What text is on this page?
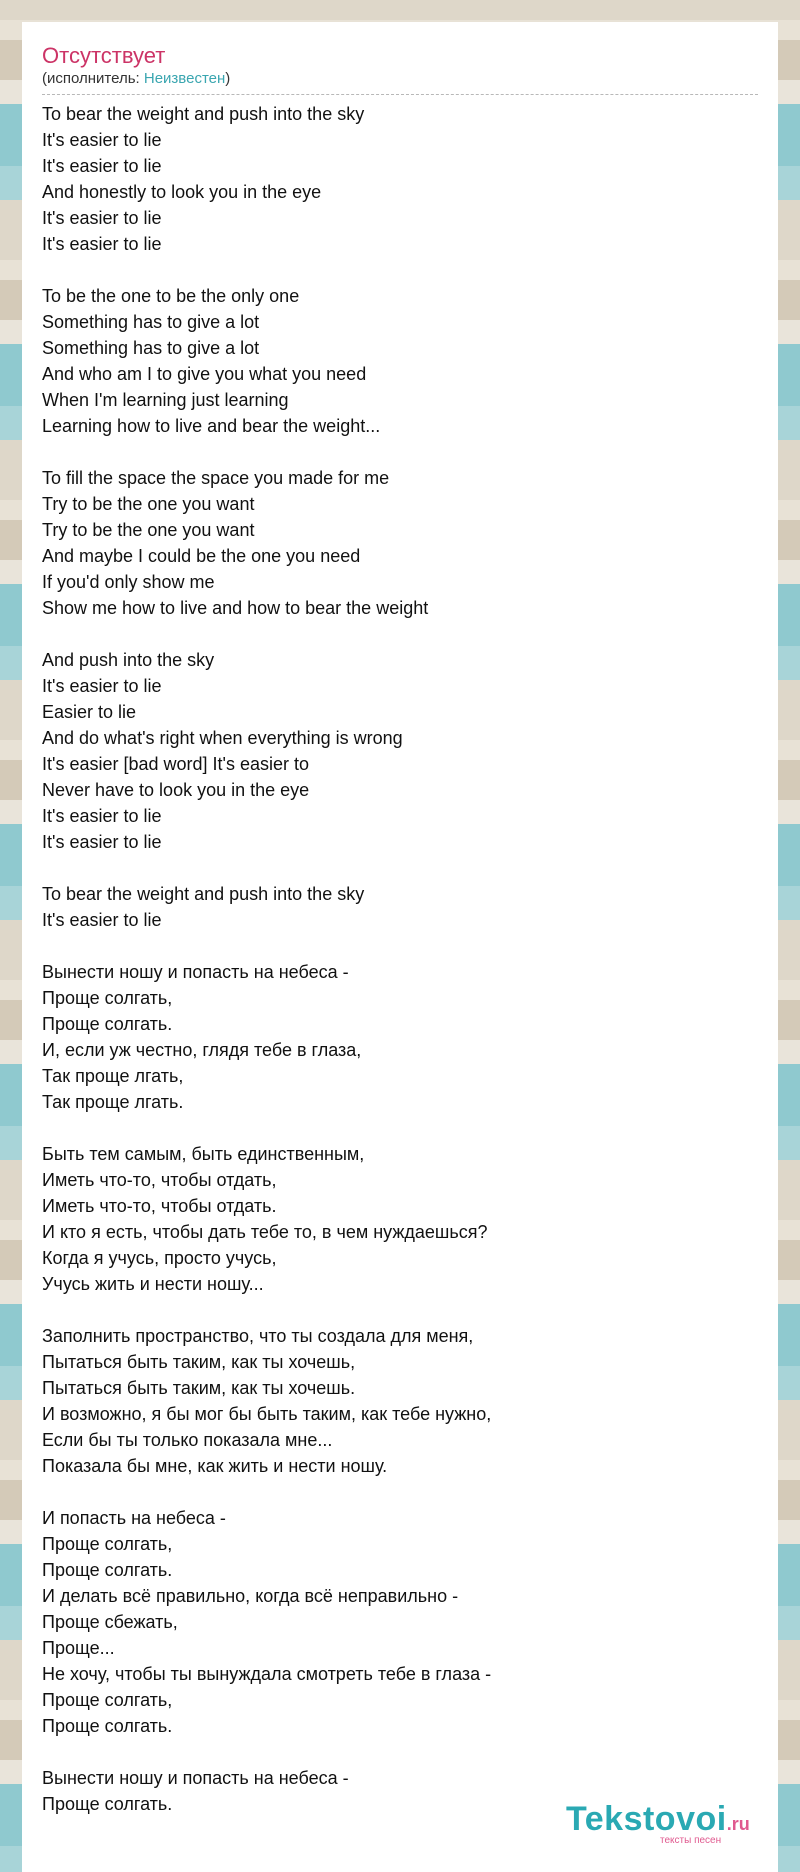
Отсутствует
(исполнитель: Неизвестен)

To bear the weight and push into the sky
It's easier to lie
It's easier to lie
And honestly to look you in the eye
It's easier to lie
It's easier to lie

To be the one to be the only one
Something has to give a lot
Something has to give a lot
And who am I to give you what you need
When I'm learning just learning
Learning how to live and bear the weight...

To fill the space the space you made for me
Try to be the one you want
Try to be the one you want
And maybe I could be the one you need
If you'd only show me
Show me how to live and how to bear the weight

And push into the sky
It's easier to lie
Easier to lie
And do what's right when everything is wrong
It's easier [bad word] It's easier to
Never have to look you in the eye
It's easier to lie
It's easier to lie

To bear the weight and push into the sky
It's easier to lie

Вынести ношу и попасть на небеса -
Проще солгать,
Проще солгать.
И, если уж честно, глядя тебе в глаза,
Так проще лгать,
Так проще лгать.

Быть тем самым, быть единственным,
Иметь что-то, чтобы отдать,
Иметь что-то, чтобы отдать.
И кто я есть, чтобы дать тебе то, в чем нуждаешься?
Когда я учусь, просто учусь,
Учусь жить и нести ношу...

Заполнить пространство, что ты создала для меня,
Пытаться быть таким, как ты хочешь,
Пытаться быть таким, как ты хочешь.
И возможно, я бы мог бы быть таким, как тебе нужно,
Если бы ты только показала мне...
Показала бы мне, как жить и нести ношу.

И попасть на небеса -
Проще солгать,
Проще солгать.
И делать всё правильно, когда всё неправильно -
Проще сбежать,
Проще...
Не хочу, чтобы ты вынуждала смотреть тебе в глаза -
Проще солгать,
Проще солгать.

Вынести ношу и попасть на небеса -
Проще солгать.	Tekstovoi.ru
тексты песен
